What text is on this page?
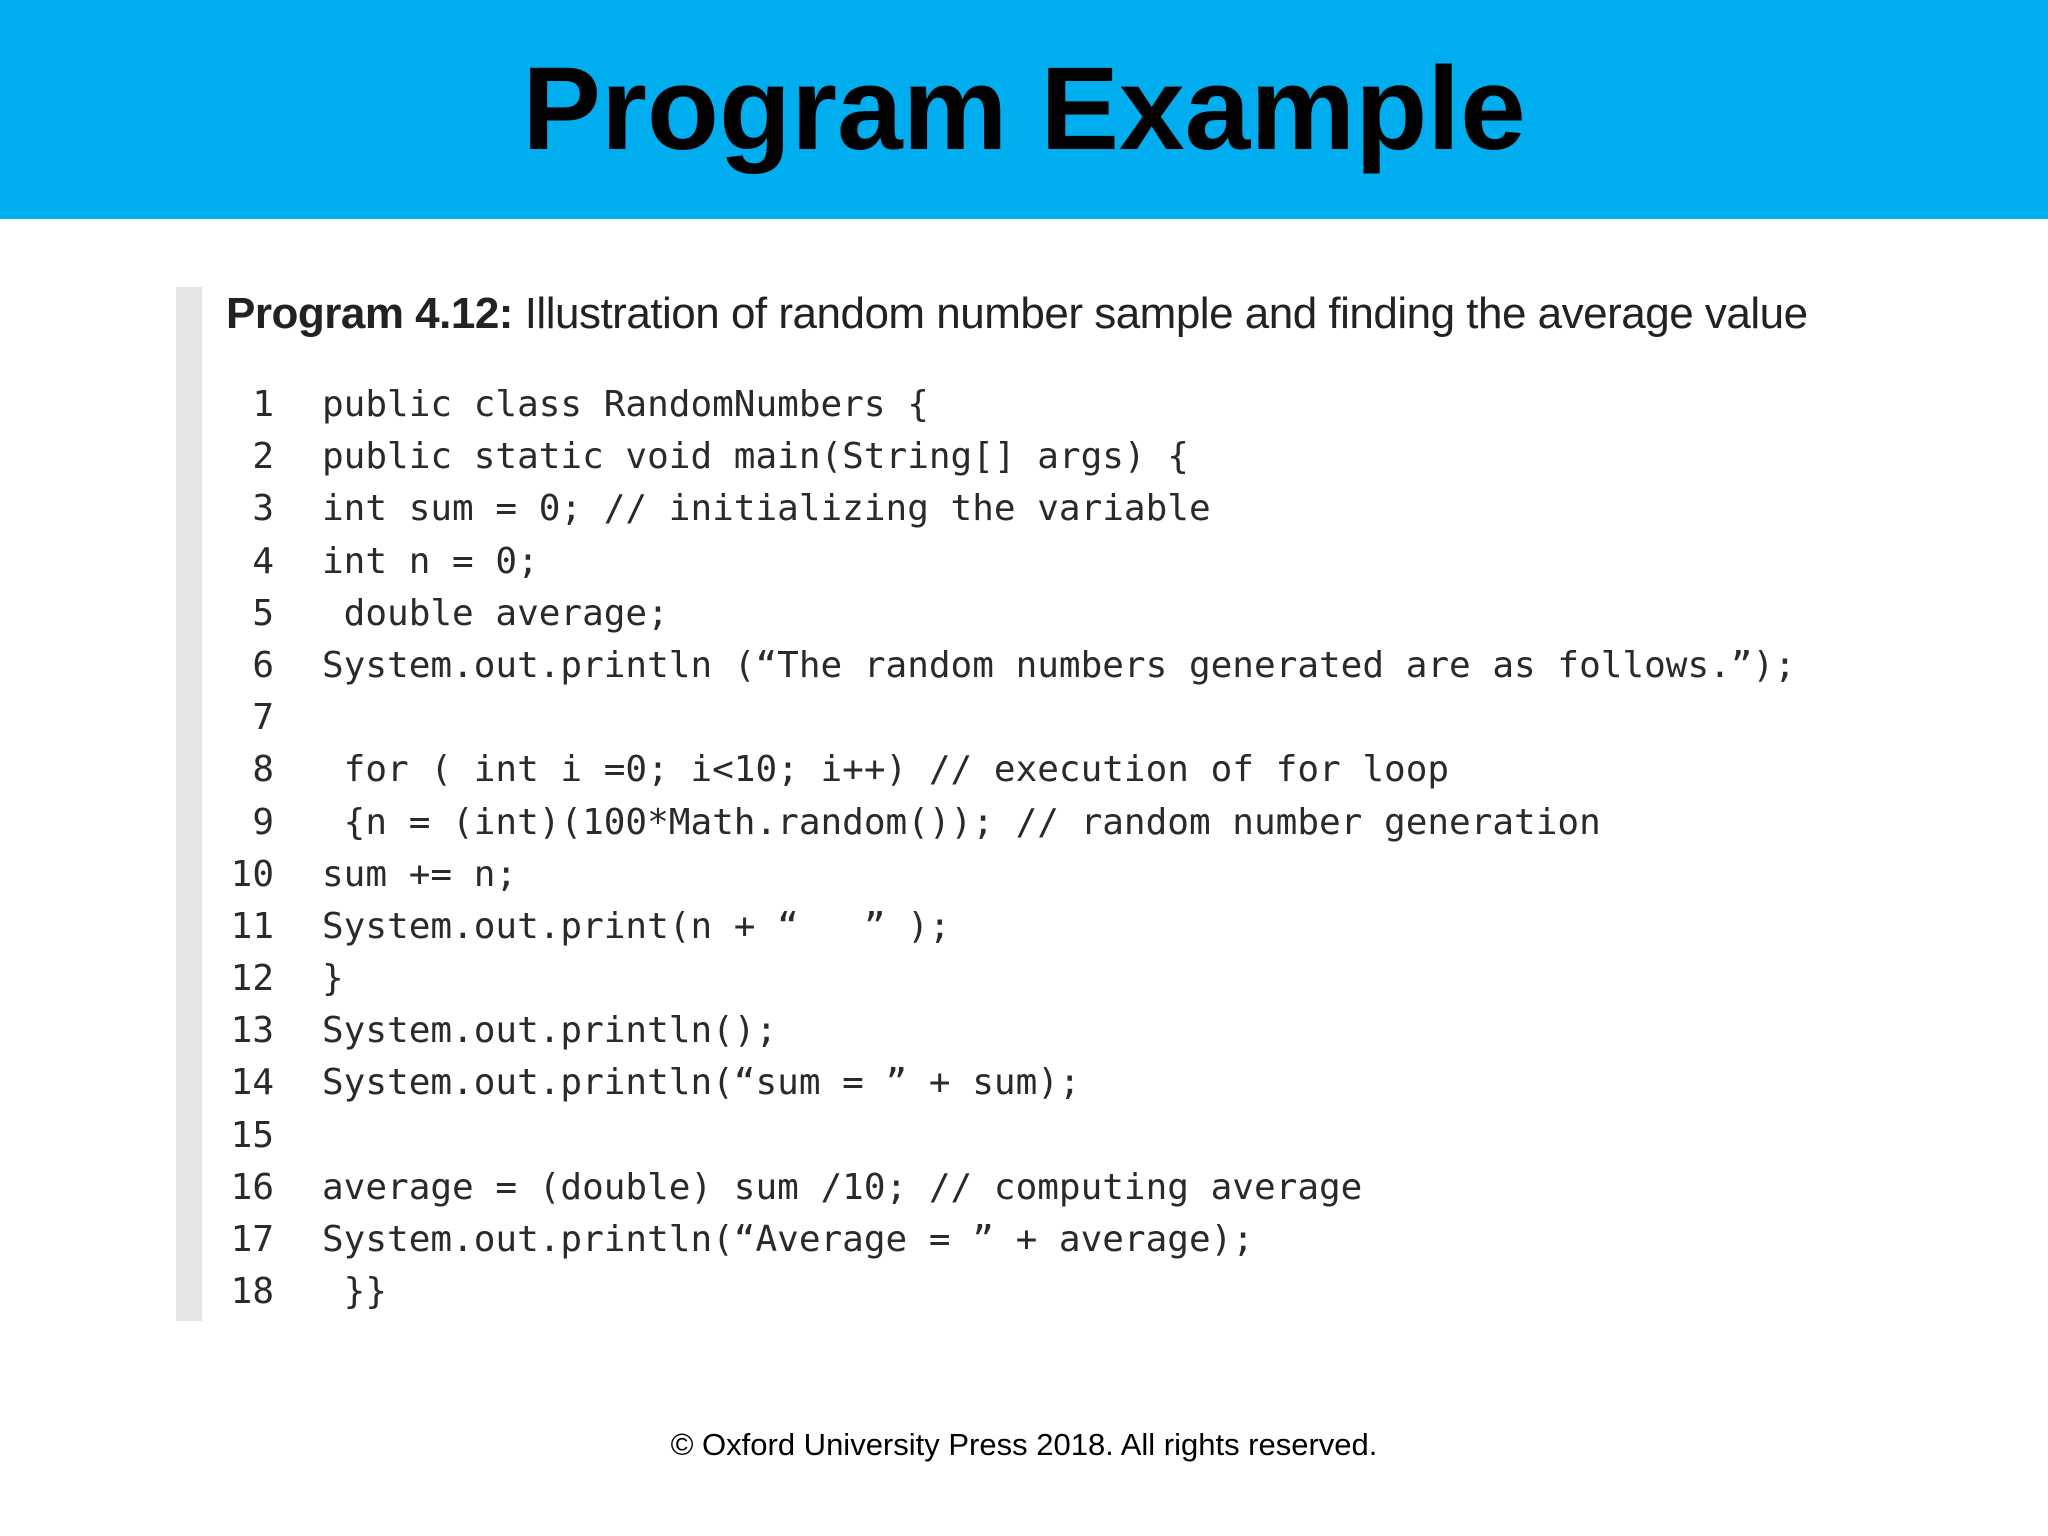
Program Example
Program 4.12: Illustration of random number sample and finding the average value
1 public class RandomNumbers {
2 public static void main(String[] args) {
3 int sum = 0; // initializing the variable
4 int n = 0;
5 double average;
6 System.out.println (“The random numbers generated are as follows.”);
7
8 for ( int i =0; i<10; i++) // execution of for loop
9 {n = (int)(100*Math.random()); // random number generation
10 sum += n;
11 System.out.print(n + “   ” );
12 }
13 System.out.println();
14 System.out.println(“sum = ” + sum);
15
16 average = (double) sum /10; // computing average
17 System.out.println(“Average = ” + average);
18 }}
© Oxford University Press 2018. All rights reserved.
